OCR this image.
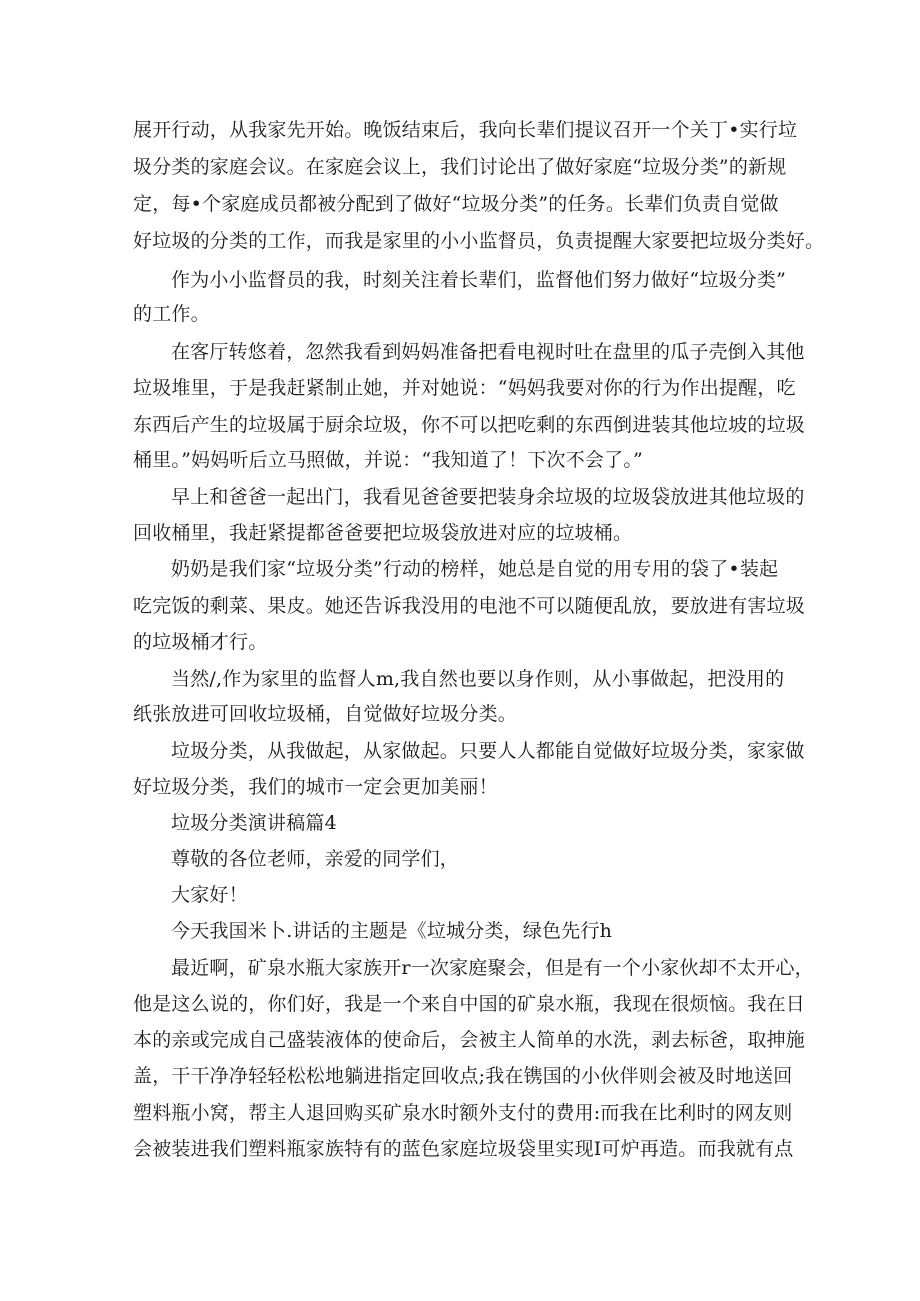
展开行动，从我家先开始。晚饭结束后，我向长辈们提议召开一个关丁•实行垃

圾分类的家庭会议。在家庭会议上，我们讨论出了做好家庭“垃圾分类”的新规

定，每•个家庭成员都被分配到了做好“垃圾分类”的任务。长辈们负责自觉做

好垃圾的分类的工作，而我是家里的小小监督员，负责提醒大家要把垃圾分类好。

作为小小监督员的我，时刻关注着长辈们，监督他们努力做好“垃圾分类”

的工作。

在客厅转悠着，忽然我看到妈妈准备把看电视时吐在盘里的瓜子壳倒入其他

垃圾堆里，于是我赶紧制止她，并对她说：“妈妈我要对你的行为作出提醒，吃

东西后产生的垃圾属于厨余垃圾，你不可以把吃剩的东西倒进装其他垃坡的垃圾

桶里。”妈妈听后立马照做，并说：“我知道了！下次不会了。”

早上和爸爸一起出门，我看见爸爸要把装身余垃圾的垃圾袋放进其他垃圾的

回收桶里，我赶紧提都爸爸要把垃圾袋放进对应的垃坡桶。

奶奶是我们家“垃圾分类”行动的榜样，她总是自觉的用专用的袋了•装起

吃完饭的剩菜、果皮。她还告诉我没用的电池不可以随便乱放，要放进有害垃圾

的垃圾桶才行。

当然/,作为家里的监督人m,我自然也要以身作则，从小事做起，把没用的

纸张放进可回收垃圾桶，自觉做好垃圾分类。

垃圾分类，从我做起，从家做起。只要人人都能自觉做好垃圾分类，家家做

好垃圾分类，我们的城市一定会更加美丽！

垃圾分类演讲稿篇4

尊敬的各位老师，亲爱的同学们，

大家好！

今天我国米卜.讲话的主题是《垃城分类，绿色先行h

最近啊，矿泉水瓶大家族开r一次家庭聚会，但是有一个小家伙却不太开心，

他是这么说的，你们好，我是一个来自中国的矿泉水瓶，我现在很烦恼。我在日

本的亲或完成自己盛装液体的使命后，会被主人简单的水洗，剥去标爸，取抻施

盖，干干净净轻轻松松地躺进指定回收点;我在镌国的小伙伴则会被及时地送回

塑料瓶小窝，帮主人退回购买矿泉水时额外支付的费用:而我在比利时的网友则

会被装进我们塑料瓶家族特有的蓝色家庭垃圾袋里实现I可炉再造。而我就有点
